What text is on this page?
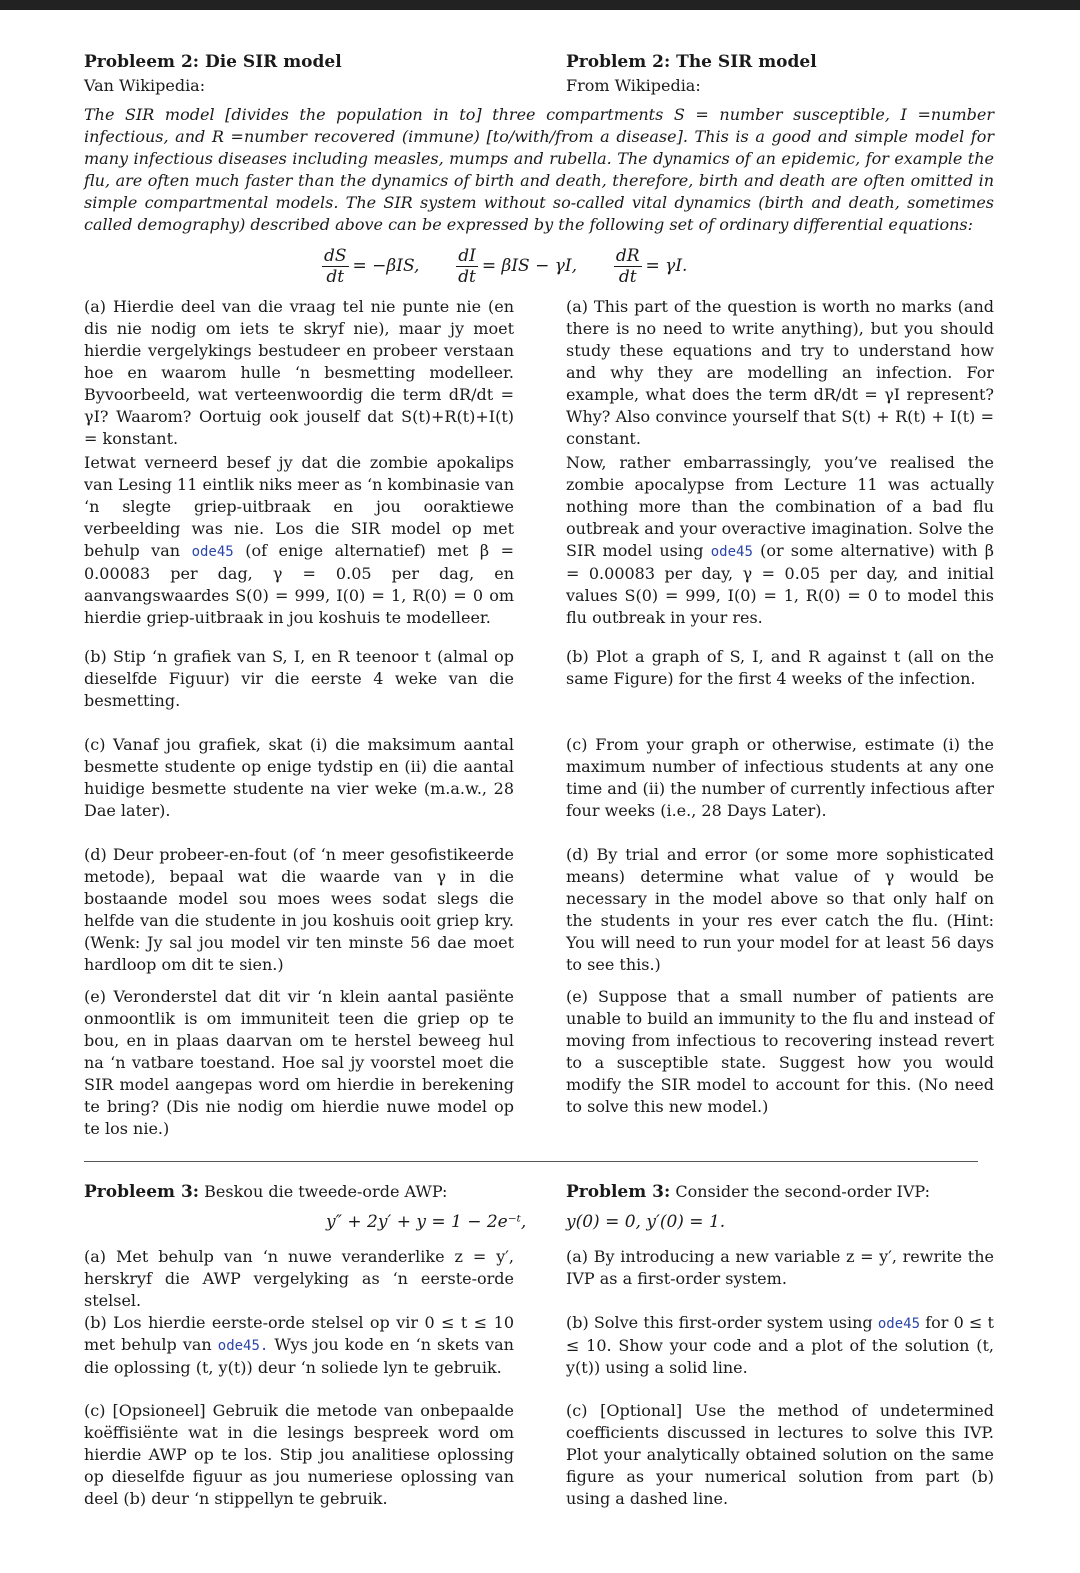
Probleem 2: Die SIR model	Problem 2: The SIR model
Van Wikipedia:	From Wikipedia:
The SIR model [divides the population in to] three compartments S = number susceptible, I =number infectious, and R =number recovered (immune) [to/with/from a disease]. This is a good and simple model for many infectious diseases including measles, mumps and rubella. The dynamics of an epidemic, for example the flu, are often much faster than the dynamics of birth and death, therefore, birth and death are often omitted in simple compartmental models. The SIR system without so-called vital dynamics (birth and death, sometimes called demography) described above can be expressed by the following set of ordinary differential equations:
$\frac{dS}{dt} = -\beta IS$, $\frac{dI}{dt} = \beta IS - \gamma I$, $\frac{dR}{dt} = \gamma I$.
(a) Hierdie deel van die vraag tel nie punte nie (en dis nie nodig om iets te skryf nie), maar jy moet hierdie vergelykings bestudeer en probeer verstaan hoe en waarom hulle ‘n besmetting modelleer. Byvoorbeeld, wat verteenwoordig die term dR/dt = γI? Waarom? Oortuig ook jouself dat S(t)+R(t)+I(t) = konstant.
(a) This part of the question is worth no marks (and there is no need to write anything), but you should study these equations and try to understand how and why they are modelling an infection. For example, what does the term dR/dt = γI represent? Why? Also convince yourself that S(t) + R(t) + I(t) = constant.
Ietwat verneerd besef jy dat die zombie apokalips van Lesing 11 eintlik niks meer as ‘n kombinasie van ‘n slegte griep-uitbraak en jou ooraktiewe verbeelding was nie. Los die SIR model op met behulp van ode45 (of enige alternatief) met β = 0.00083 per dag, γ = 0.05 per dag, en aanvangswaardes S(0) = 999, I(0) = 1, R(0) = 0 om hierdie griep-uitbraak in jou koshuis te modelleer.
Now, rather embarrassingly, you’ve realised the zombie apocalypse from Lecture 11 was actually nothing more than the combination of a bad flu outbreak and your overactive imagination. Solve the SIR model using ode45 (or some alternative) with β = 0.00083 per day, γ = 0.05 per day, and initial values S(0) = 999, I(0) = 1, R(0) = 0 to model this flu outbreak in your res.
(b) Stip ‘n grafiek van S, I, en R teenoor t (almal op dieselfde Figuur) vir die eerste 4 weke van die besmetting.
(b) Plot a graph of S, I, and R against t (all on the same Figure) for the first 4 weeks of the infection.
(c) Vanaf jou grafiek, skat (i) die maksimum aantal besmette studente op enige tydstip en (ii) die aantal huidige besmette studente na vier weke (m.a.w., 28 Dae later).
(c) From your graph or otherwise, estimate (i) the maximum number of infectious students at any one time and (ii) the number of currently infectious after four weeks (i.e., 28 Days Later).
(d) Deur probeer-en-fout (of ‘n meer gesofistikeerde metode), bepaal wat die waarde van γ in die bostaande model sou moes wees sodat slegs die helfde van die studente in jou koshuis ooit griep kry. (Wenk: Jy sal jou model vir ten minste 56 dae moet hardloop om dit te sien.)
(d) By trial and error (or some more sophisticated means) determine what value of γ would be necessary in the model above so that only half on the students in your res ever catch the flu. (Hint: You will need to run your model for at least 56 days to see this.)
(e) Veronderstel dat dit vir ‘n klein aantal pasiënte onmoontlik is om immuniteit teen die griep op te bou, en in plaas daarvan om te herstel beweeg hul na ‘n vatbare toestand. Hoe sal jy voorstel moet die SIR model aangepas word om hierdie in berekening te bring? (Dis nie nodig om hierdie nuwe model op te los nie.)
(e) Suppose that a small number of patients are unable to build an immunity to the flu and instead of moving from infectious to recovering instead revert to a susceptible state. Suggest how you would modify the SIR model to account for this. (No need to solve this new model.)
Probleem 3: Beskou die tweede-orde AWP:	Problem 3: Consider the second-order IVP:
y″ + 2y′ + y = 1 − 2e⁻ᵗ, y(0) = 0, y′(0) = 1.
(a) Met behulp van ‘n nuwe veranderlike z = y′, herskryf die AWP vergelyking as ‘n eerste-orde stelsel.
(a) By introducing a new variable z = y′, rewrite the IVP as a first-order system.
(b) Los hierdie eerste-orde stelsel op vir 0 ≤ t ≤ 10 met behulp van ode45. Wys jou kode en ‘n skets van die oplossing (t, y(t)) deur ‘n soliede lyn te gebruik.
(b) Solve this first-order system using ode45 for 0 ≤ t ≤ 10. Show your code and a plot of the solution (t, y(t)) using a solid line.
(c) [Opsioneel] Gebruik die metode van onbepaalde koëffisiënte wat in die lesings bespreek word om hierdie AWP op te los. Stip jou analitiese oplossing op dieselfde figuur as jou numeriese oplossing van deel (b) deur ‘n stippellyn te gebruik.
(c) [Optional] Use the method of undetermined coefficients discussed in lectures to solve this IVP. Plot your analytically obtained solution on the same figure as your numerical solution from part (b) using a dashed line.
